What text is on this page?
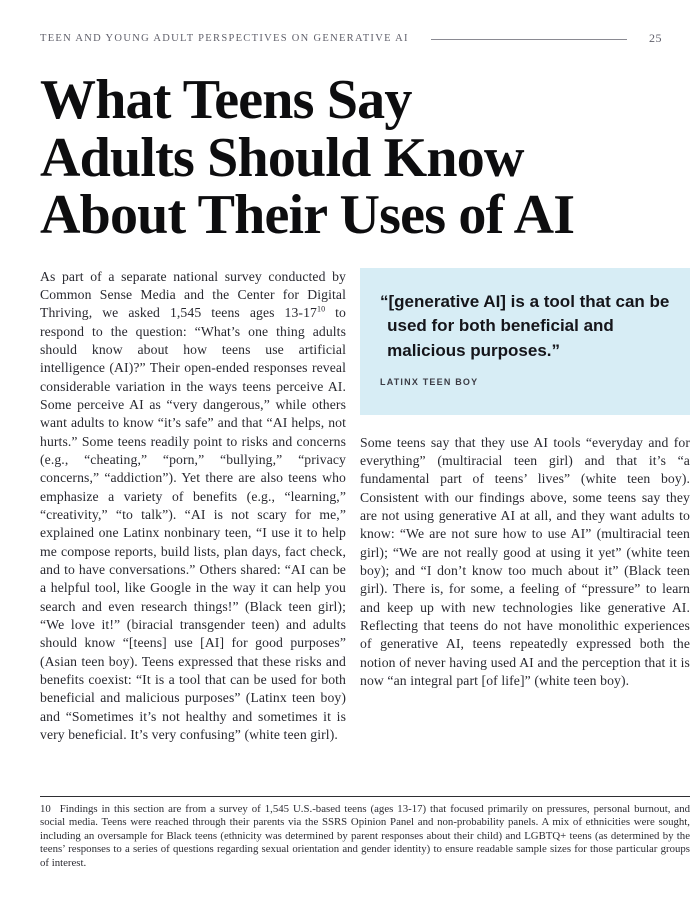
TEEN AND YOUNG ADULT PERSPECTIVES ON GENERATIVE AI	25
What Teens Say
Adults Should Know
About Their Uses of AI

As part of a separate national survey conducted by Common Sense Media and the Center for Digital Thriving, we asked 1,545 teens ages $13-17^{10}$ to respond to the question: “What’s one thing adults should know about how teens use artificial intelligence (AI)?” Their open-ended responses reveal considerable variation in the ways teens perceive AI. Some perceive AI as “very dangerous,” while others want adults to know “it’s safe” and that “AI helps, not hurts.” Some teens readily point to risks and concerns (e.g., “cheating,” “porn,” “bullying,” “privacy concerns,” “addiction”). Yet there are also teens who emphasize a variety of benefits (e.g., “learning,” “creativity,” “to talk”). “AI is not scary for me,” explained one Latinx nonbinary teen, “I use it to help me compose reports, build lists, plan days, fact check, and to have conversations.” Others shared: “AI can be a helpful tool, like Google in the way it can help you search and even research things!” (Black teen girl); “We love it!” (biracial transgender teen) and adults should know “[teens] use [AI] for good purposes” (Asian teen boy). Teens expressed that these risks and benefits coexist: “It is a tool that can be used for both beneficial and malicious purposes” (Latinx teen boy) and “Sometimes it’s not healthy and sometimes it is very beneficial. It’s very confusing” (white teen girl).

“[generative AI] is a tool that can be used for both beneficial and malicious purposes.”

LATINX TEEN BOY

Some teens say that they use AI tools “everyday and for everything” (multiracial teen girl) and that it’s “a fundamental part of teens’ lives” (white teen boy). Consistent with our findings above, some teens say they are not using generative AI at all, and they want adults to know: “We are not sure how to use AI” (multiracial teen girl); “We are not really good at using it yet” (white teen boy); and “I don’t know too much about it” (Black teen girl). There is, for some, a feeling of “pressure” to learn and keep up with new technologies like generative AI. Reflecting that teens do not have monolithic experiences of generative AI, teens repeatedly expressed both the notion of never having used AI and the perception that it is now “an integral part [of life]” (white teen boy).

10 Findings in this section are from a survey of 1,545 U.S.-based teens (ages 13-17) that focused primarily on pressures, personal burnout, and social media. Teens were reached through their parents via the SSRS Opinion Panel and non-probability panels. A mix of ethnicities were sought, including an oversample for Black teens (ethnicity was determined by parent responses about their child) and LGBTQ+ teens (as determined by the teens’ responses to a series of questions regarding sexual orientation and gender identity) to ensure readable sample sizes for those particular groups of interest.
